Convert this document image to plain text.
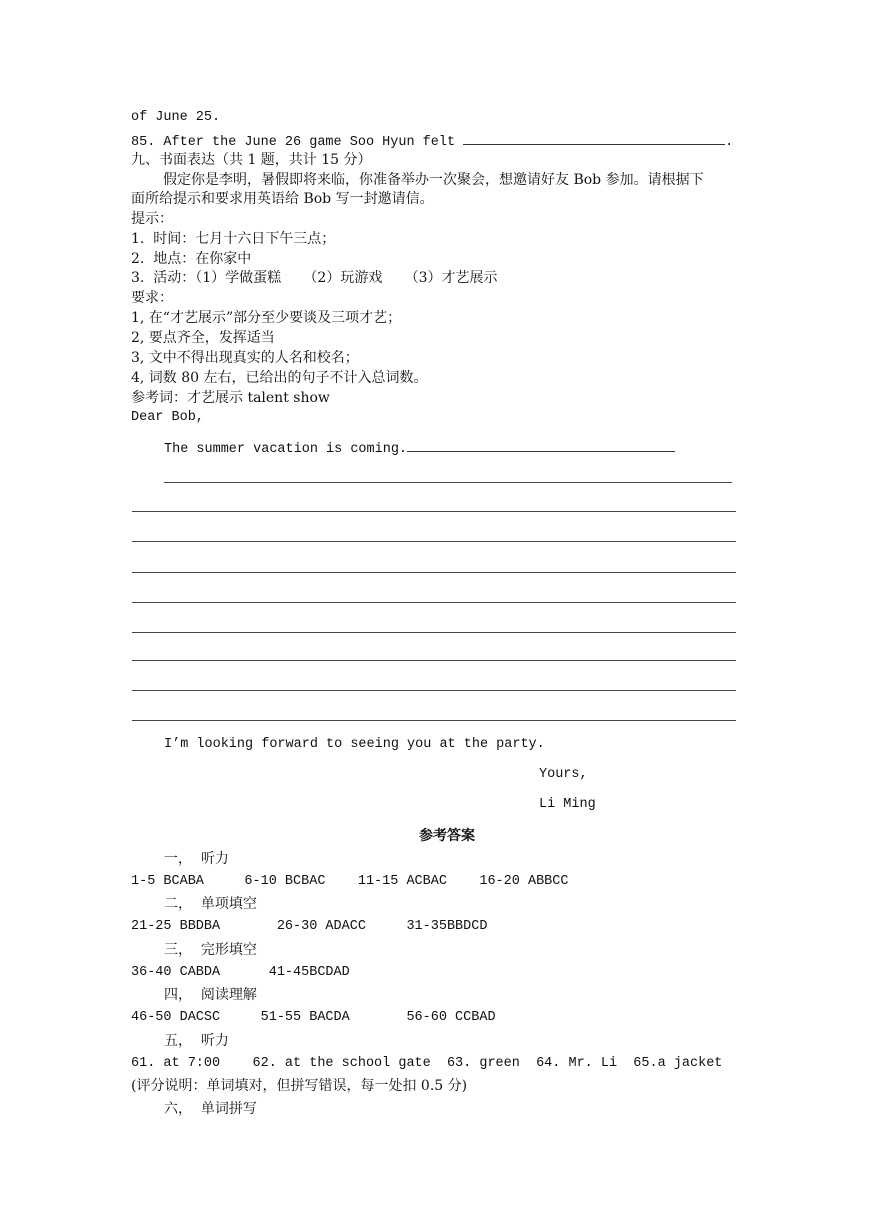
of June 25.
85. After the June 26 game Soo Hyun felt	.
九、书面表达（共 1 题，共计 15 分）
假定你是李明，暑假即将来临，你准备举办一次聚会，想邀请好友 Bob 参加。请根据下
面所给提示和要求用英语给 Bob 写一封邀请信。
提示：
1.  时间：七月十六日下午三点；
2.  地点：在你家中
3.  活动：（1）学做蛋糕     （2）玩游戏     （3）才艺展示
要求：
1, 在“才艺展示”部分至少要谈及三项才艺；
2, 要点齐全，发挥适当
3, 文中不得出现真实的人名和校名；
4, 词数 80 左右，已给出的句子不计入总词数。
参考词：才艺展示 talent show
Dear Bob,
The summer vacation is coming.
I’m looking forward to seeing you at the party.
Yours,
Li Ming
参考答案
一，  听力
1-5 BCABA     6-10 BCBAC    11-15 ACBAC    16-20 ABBCC
二，  单项填空
21-25 BBDBA       26-30 ADACC     31-35BBDCD
三，  完形填空
36-40 CABDA      41-45BCDAD
四，  阅读理解
46-50 DACSC     51-55 BACDA       56-60 CCBAD
五，  听力
61. at 7:00    62. at the school gate  63. green  64. Mr. Li  65.a jacket
(评分说明：单词填对，但拼写错误，每一处扣 0.5 分)
六，  单词拼写
